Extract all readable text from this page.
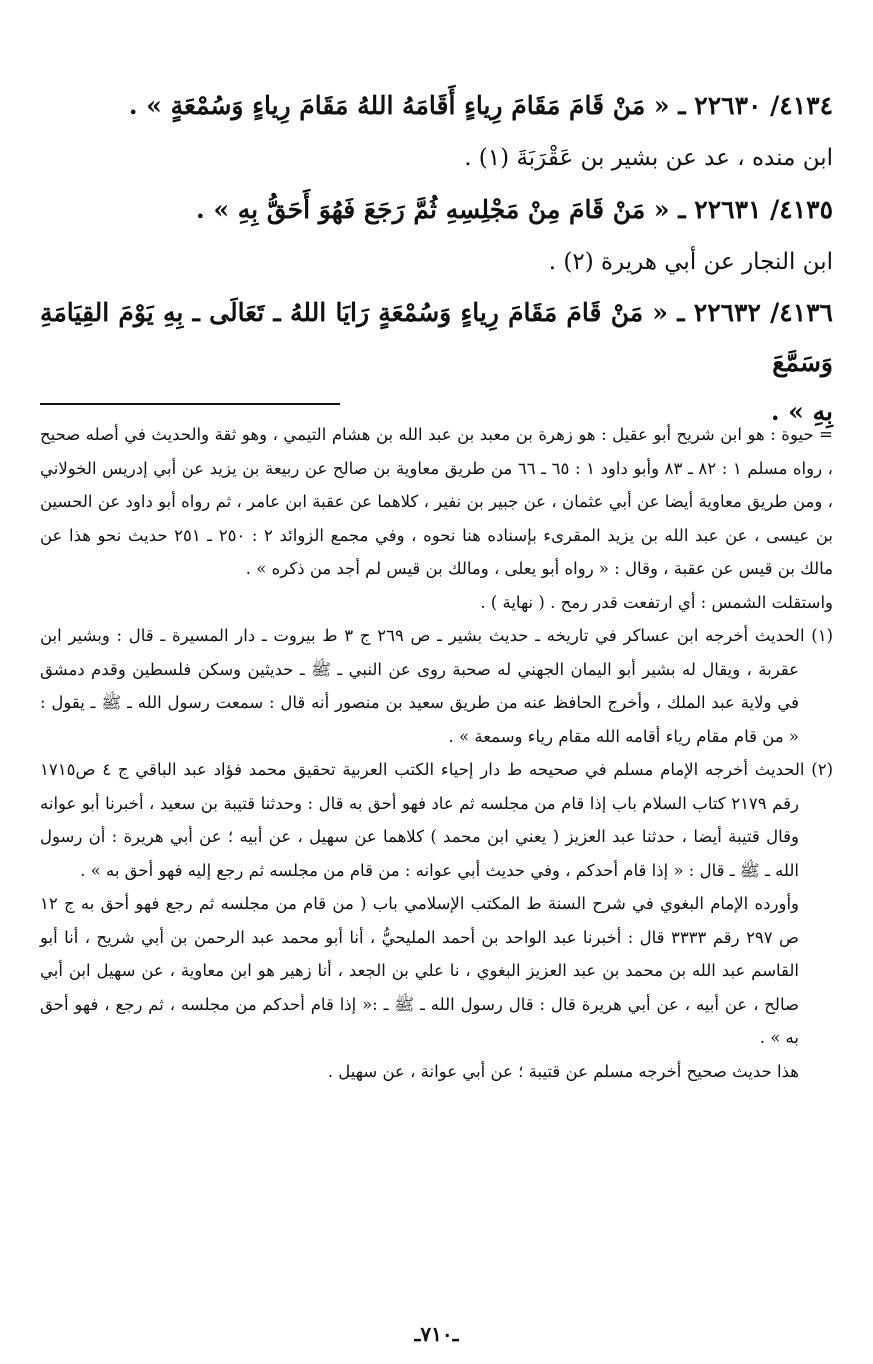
٤١٣٤/ ٢٢٦٣٠ ـ « مَنْ قَامَ مَقَامَ رِياءٍ أَقَامَهُ اللهُ مَقَامَ رِياءٍ وَسُمْعَةٍ » .

ابن منده ، عد عن بشير بن عَقْرَبَةَ (١) .

٤١٣٥/ ٢٢٦٣١ ـ « مَنْ قَامَ مِنْ مَجْلِسِهِ ثُمَّ رَجَعَ فَهُوَ أَحَقُّ بِهِ » .

ابن النجار عن أبي هريرة (٢) .

٤١٣٦/ ٢٢٦٣٢ ـ « مَنْ قَامَ مَقَامَ رِياءٍ وَسُمْعَةٍ رَايَا اللهُ ـ تَعَالَى ـ بِهِ يَوْمَ القِيَامَةِ وَسَمَّعَ

بِهِ » .

= حيوة : هو ابن شريح أبو عقيل : هو زهرة بن معبد بن عبد الله بن هشام التيمي ، وهو ثقة والحديث في أصله صحيح ، رواه مسلم ١ : ٨٢ ـ ٨٣ وأبو داود ١ : ٦٥ ـ ٦٦ من طريق معاوية بن صالح عن ربيعة بن يزيد عن أبي إدريس الخولاني ، ومن طريق معاوية أيضا عن أبي عثمان ، عن جبير بن نفير ، كلاهما عن عقبة ابن عامر ، ثم رواه أبو داود عن الحسين بن عيسى ، عن عبد الله بن يزيد المقرىء بإسناده هنا نحوه ، وفي مجمع الزوائد ٢ : ٢٥٠ ـ ٢٥١ حديث نحو هذا عن مالك بن قيس عن عقبة ، وقال : « رواه أبو يعلى ، ومالك بن قيس لم أجد من ذكره » .

واستقلت الشمس : أي ارتفعت قدر رمح . ( نهاية ) .

(١) الحديث أخرجه ابن عساكر في تاريخه ـ حديث بشير ـ ص ٢٦٩ ج ٣ ط بيروت ـ دار المسيرة ـ قال : وبشير ابن عقربة ، ويقال له بشير أبو اليمان الجهني له صحبة روى عن النبي ـ ﷺ ـ حديثين وسكن فلسطين وقدم دمشق في ولاية عبد الملك ، وأخرج الحافظ عنه من طريق سعيد بن منصور أنه قال : سمعت رسول الله ـ ﷺ ـ يقول : « من قام مقام رياء أقامه الله مقام رياء وسمعة » .

(٢) الحديث أخرجه الإمام مسلم في صحيحه ط دار إحياء الكتب العربية تحقيق محمد فؤاد عبد الباقي ج ٤ ص١٧١٥ رقم ٢١٧٩ كتاب السلام باب إذا قام من مجلسه ثم عاد فهو أحق به قال : وحدثنا قتيبة بن سعيد ، أخبرنا أبو عوانه وقال قتيبة أيضا ، حدثنا عبد العزيز ( يعني ابن محمد ) كلاهما عن سهيل ، عن أبيه ؛ عن أبي هريرة : أن رسول الله ـ ﷺ ـ قال : « إذا قام أحدكم ، وفي حديث أبي عوانه : من قام من مجلسه ثم رجع إليه فهو أحق به » .

وأورده الإمام البغوي في شرح السنة ط المكتب الإسلامي باب ( من قام من مجلسه ثم رجع فهو أحق به ج ١٢ ص ٢٩٧ رقم ٣٣٣٣ قال : أخبرنا عبد الواحد بن أحمد المليحيُّ ، أنا أبو محمد عبد الرحمن بن أبي شريح ، أنا أبو القاسم عبد الله بن محمد بن عبد العزيز البغوي ، نا علي بن الجعد ، أنا زهير هو ابن معاوية ، عن سهيل ابن أبي صالح ، عن أبيه ، عن أبي هريرة قال : قال رسول الله ـ ﷺ ـ :« إذا قام أحدكم من مجلسه ، ثم رجع ، فهو أحق به » .

هذا حديث صحيح أخرجه مسلم عن قتيبة ؛ عن أبي عوانة ، عن سهيل .

ـ٧١٠ـ
